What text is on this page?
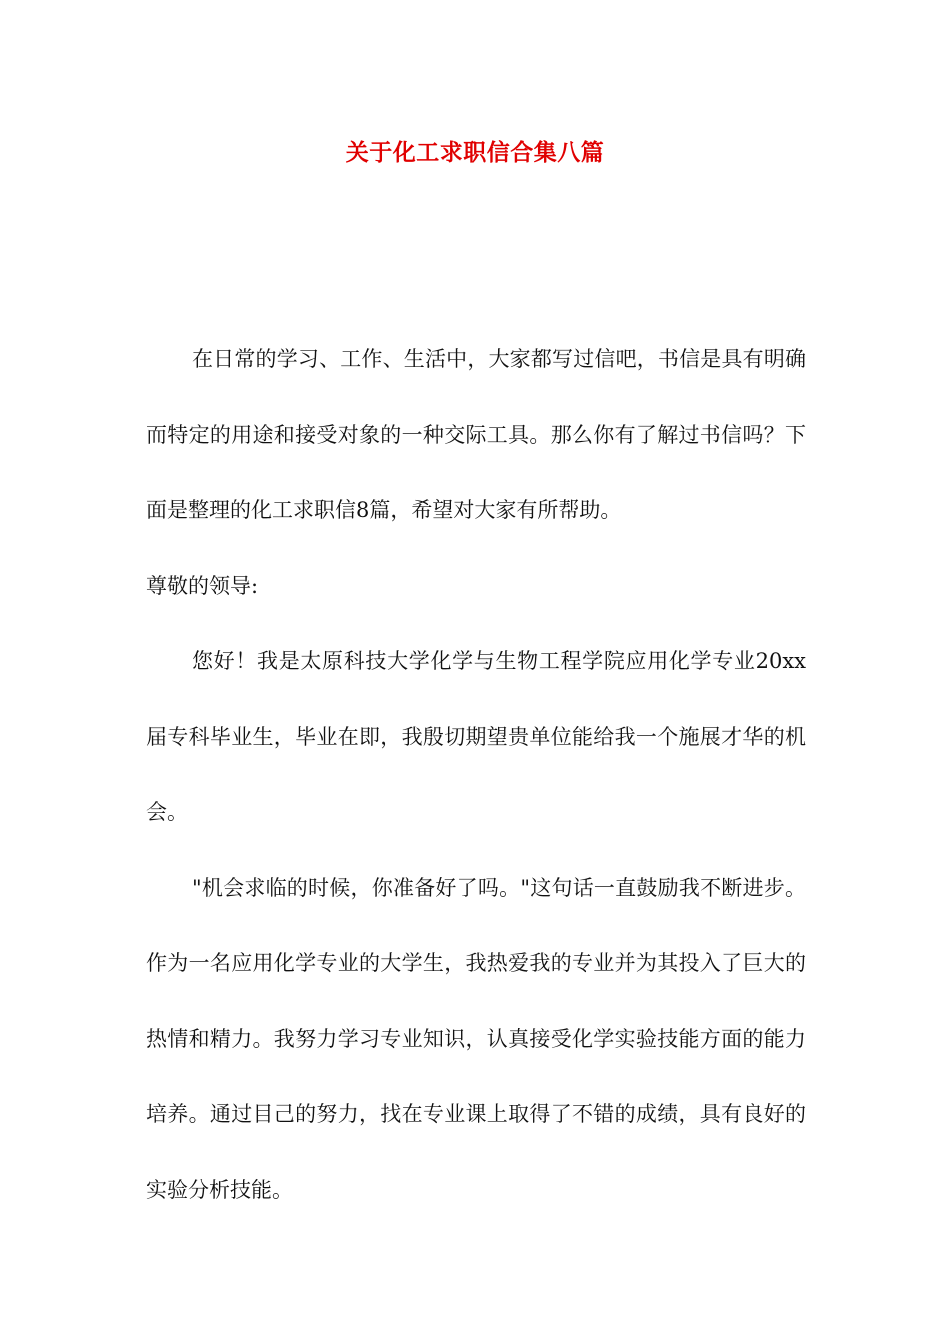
关于化工求职信合集八篇

在日常的学习、工作、生活中，大家都写过信吧，书信是具有明确而特定的用途和接受对象的一种交际工具。那么你有了解过书信吗？下面是整理的化工求职信8篇，希望对大家有所帮助。

尊敬的领导:

您好！我是太原科技大学化学与生物工程学院应用化学专业20xx届专科毕业生，毕业在即，我殷切期望贵单位能给我一个施展才华的机会。

"机会求临的时候，你准备好了吗。"这句话一直鼓励我不断进步。作为一名应用化学专业的大学生，我热爱我的专业并为其投入了巨大的热情和精力。我努力学习专业知识，认真接受化学实验技能方面的能力培养。通过目己的努力，找在专业课上取得了不错的成绩，具有良好的实验分析技能。
